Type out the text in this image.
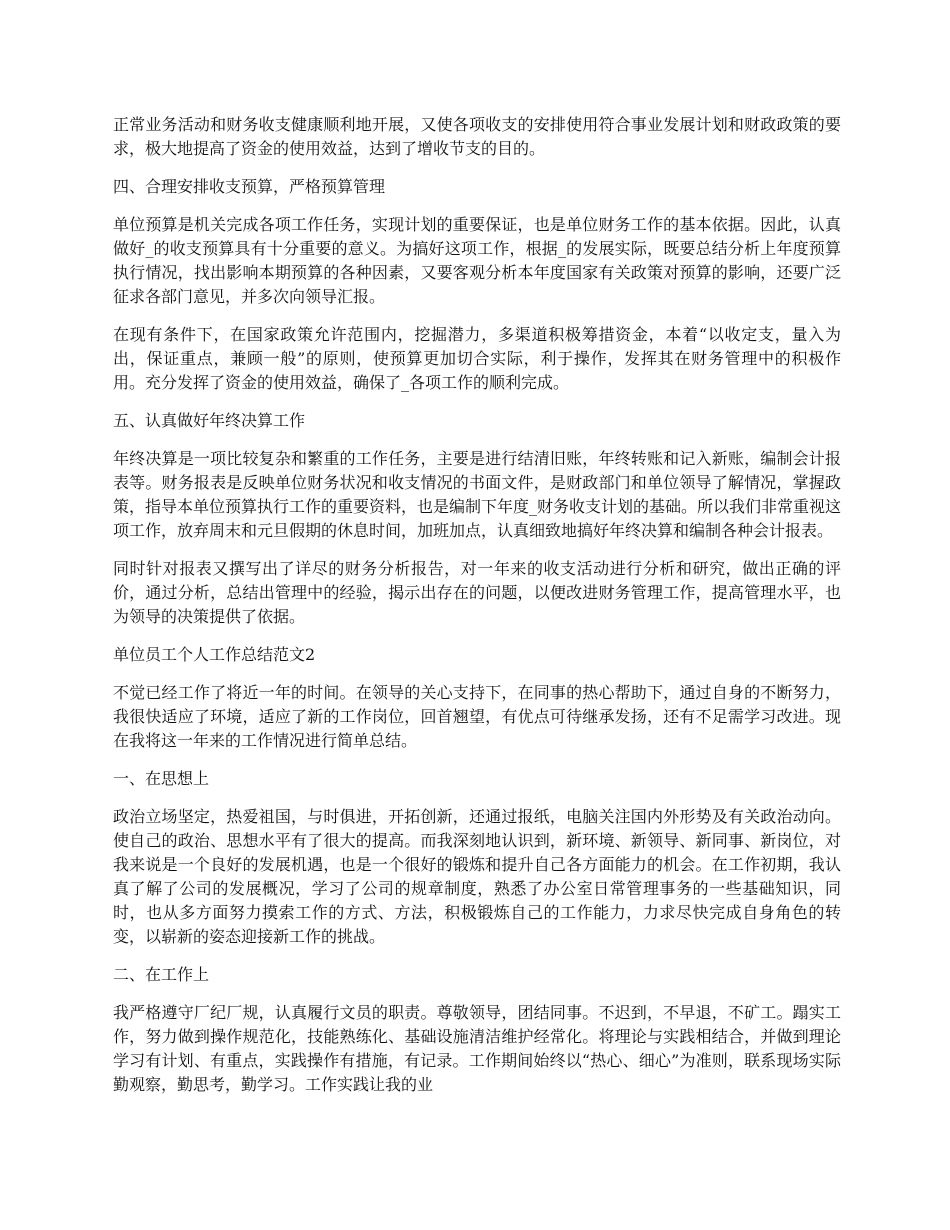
正常业务活动和财务收支健康顺利地开展，又使各项收支的安排使用符合事业发展计划和财政政策的要求，极大地提高了资金的使用效益，达到了增收节支的目的。

四、合理安排收支预算，严格预算管理

单位预算是机关完成各项工作任务，实现计划的重要保证，也是单位财务工作的基本依据。因此，认真做好_的收支预算具有十分重要的意义。为搞好这项工作，根据_的发展实际，既要总结分析上年度预算执行情况，找出影响本期预算的各种因素，又要客观分析本年度国家有关政策对预算的影响，还要广泛征求各部门意见，并多次向领导汇报。

在现有条件下，在国家政策允许范围内，挖掘潜力，多渠道积极筹措资金，本着“以收定支，量入为出，保证重点，兼顾一般”的原则，使预算更加切合实际，利于操作，发挥其在财务管理中的积极作用。充分发挥了资金的使用效益，确保了_各项工作的顺利完成。

五、认真做好年终决算工作

年终决算是一项比较复杂和繁重的工作任务，主要是进行结清旧账，年终转账和记入新账，编制会计报表等。财务报表是反映单位财务状况和收支情况的书面文件，是财政部门和单位领导了解情况，掌握政策，指导本单位预算执行工作的重要资料，也是编制下年度_财务收支计划的基础。所以我们非常重视这项工作，放弃周末和元旦假期的休息时间，加班加点，认真细致地搞好年终决算和编制各种会计报表。

同时针对报表又撰写出了详尽的财务分析报告，对一年来的收支活动进行分析和研究，做出正确的评价，通过分析，总结出管理中的经验，揭示出存在的问题，以便改进财务管理工作，提高管理水平，也为领导的决策提供了依据。

单位员工个人工作总结范文2

不觉已经工作了将近一年的时间。在领导的关心支持下，在同事的热心帮助下，通过自身的不断努力，我很快适应了环境，适应了新的工作岗位，回首翘望，有优点可待继承发扬，还有不足需学习改进。现在我将这一年来的工作情况进行简单总结。

一、在思想上

政治立场坚定，热爱祖国，与时俱进，开拓创新，还通过报纸，电脑关注国内外形势及有关政治动向。使自己的政治、思想水平有了很大的提高。而我深刻地认识到，新环境、新领导、新同事、新岗位，对我来说是一个良好的发展机遇，也是一个很好的锻炼和提升自己各方面能力的机会。在工作初期，我认真了解了公司的发展概况，学习了公司的规章制度，熟悉了办公室日常管理事务的一些基础知识，同时，也从多方面努力摸索工作的方式、方法，积极锻炼自己的工作能力，力求尽快完成自身角色的转变，以崭新的姿态迎接新工作的挑战。

二、在工作上

我严格遵守厂纪厂规，认真履行文员的职责。尊敬领导，团结同事。不迟到，不早退，不矿工。蹋实工作，努力做到操作规范化，技能熟练化、基础设施清洁维护经常化。将理论与实践相结合，并做到理论学习有计划、有重点，实践操作有措施，有记录。工作期间始终以“热心、细心”为准则，联系现场实际勤观察，勤思考，勤学习。工作实践让我的业
